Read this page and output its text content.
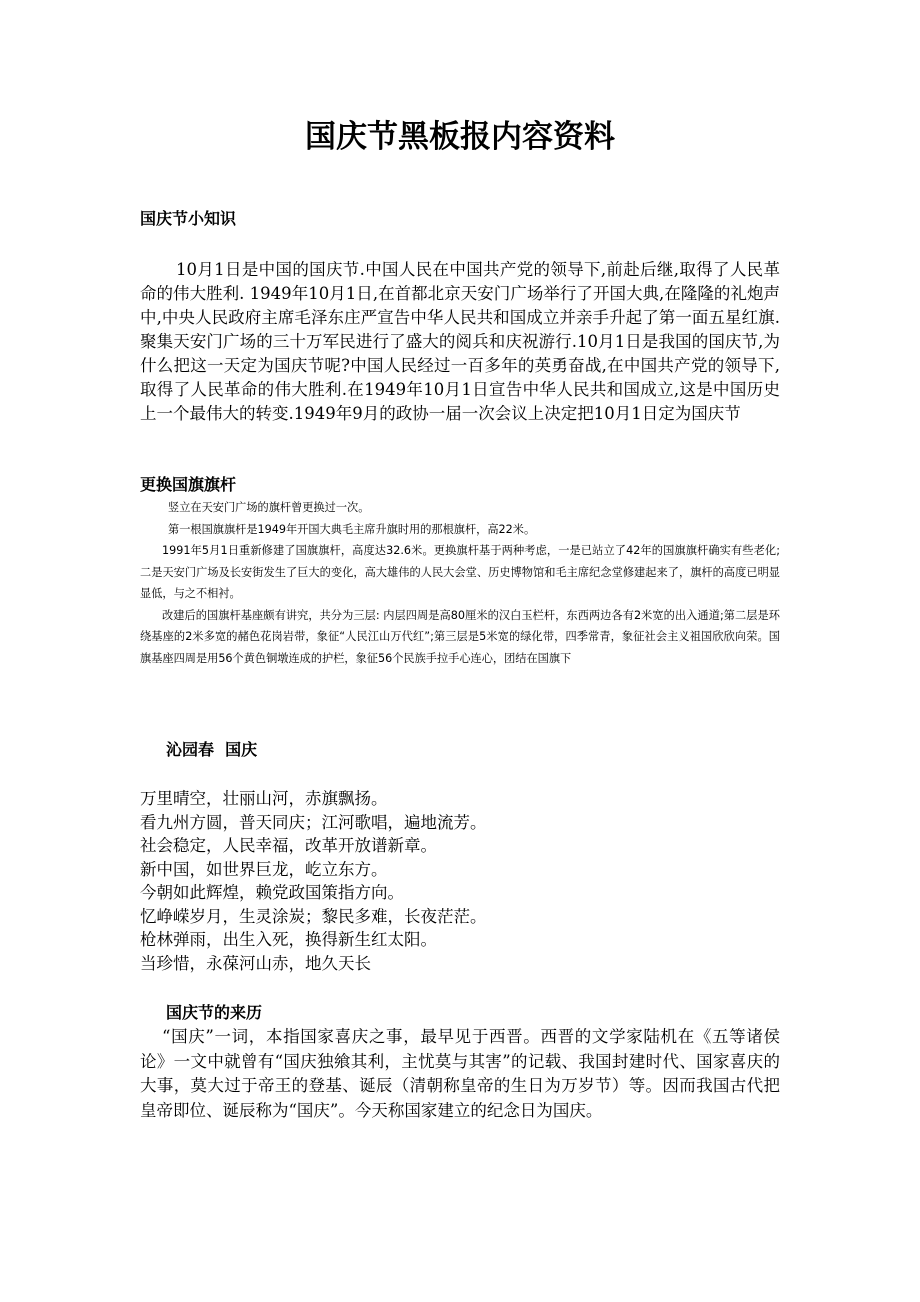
国庆节黑板报内容资料
国庆节小知识

10月1日是中国的国庆节.中国人民在中国共产党的领导下,前赴后继,取得了人民革命的伟大胜利. 1949年10月1日,在首都北京天安门广场举行了开国大典,在隆隆的礼炮声中,中央人民政府主席毛泽东庄严宣告中华人民共和国成立并亲手升起了第一面五星红旗.聚集天安门广场的三十万军民进行了盛大的阅兵和庆祝游行.10月1日是我国的国庆节,为什么把这一天定为国庆节呢?中国人民经过一百多年的英勇奋战,在中国共产党的领导下,取得了人民革命的伟大胜利.在1949年10月1日宣告中华人民共和国成立,这是中国历史上一个最伟大的转变.1949年9月的政协一届一次会议上决定把10月1日定为国庆节

更换国旗旗杆

竖立在天安门广场的旗杆曾更换过一次。

第一根国旗旗杆是1949年开国大典毛主席升旗时用的那根旗杆，高22米。

1991年5月1日重新修建了国旗旗杆，高度达32.6米。更换旗杆基于两种考虑，一是已站立了42年的国旗旗杆确实有些老化;二是天安门广场及长安街发生了巨大的变化，高大雄伟的人民大会堂、历史博物馆和毛主席纪念堂修建起来了，旗杆的高度已明显显低，与之不相衬。

改建后的国旗杆基座颇有讲究，共分为三层: 内层四周是高80厘米的汉白玉栏杆，东西两边各有2米宽的出入通道;第二层是环绕基座的2米多宽的赭色花岗岩带，象征“人民江山万代红”;第三层是5米宽的绿化带，四季常青，象征社会主义祖国欣欣向荣。国旗基座四周是用56个黄色铜墩连成的护栏，象征56个民族手拉手心连心，团结在国旗下

沁园春  国庆

万里晴空，壮丽山河，赤旗飘扬。

看九州方圆，普天同庆；江河歌唱，遍地流芳。

社会稳定，人民幸福，改革开放谱新章。

新中国，如世界巨龙，屹立东方。

今朝如此辉煌，赖党政国策指方向。

忆峥嵘岁月，生灵涂炭；黎民多难，长夜茫茫。

枪林弹雨，出生入死，换得新生红太阳。

当珍惜，永葆河山赤，地久天长

国庆节的来历

“国庆”一词，本指国家喜庆之事，最早见于西晋。西晋的文学家陆机在《五等诸侯论》一文中就曾有“国庆独飨其利，主忧莫与其害”的记载、我国封建时代、国家喜庆的大事，莫大过于帝王的登基、诞辰（清朝称皇帝的生日为万岁节）等。因而我国古代把皇帝即位、诞辰称为“国庆”。今天称国家建立的纪念日为国庆。
